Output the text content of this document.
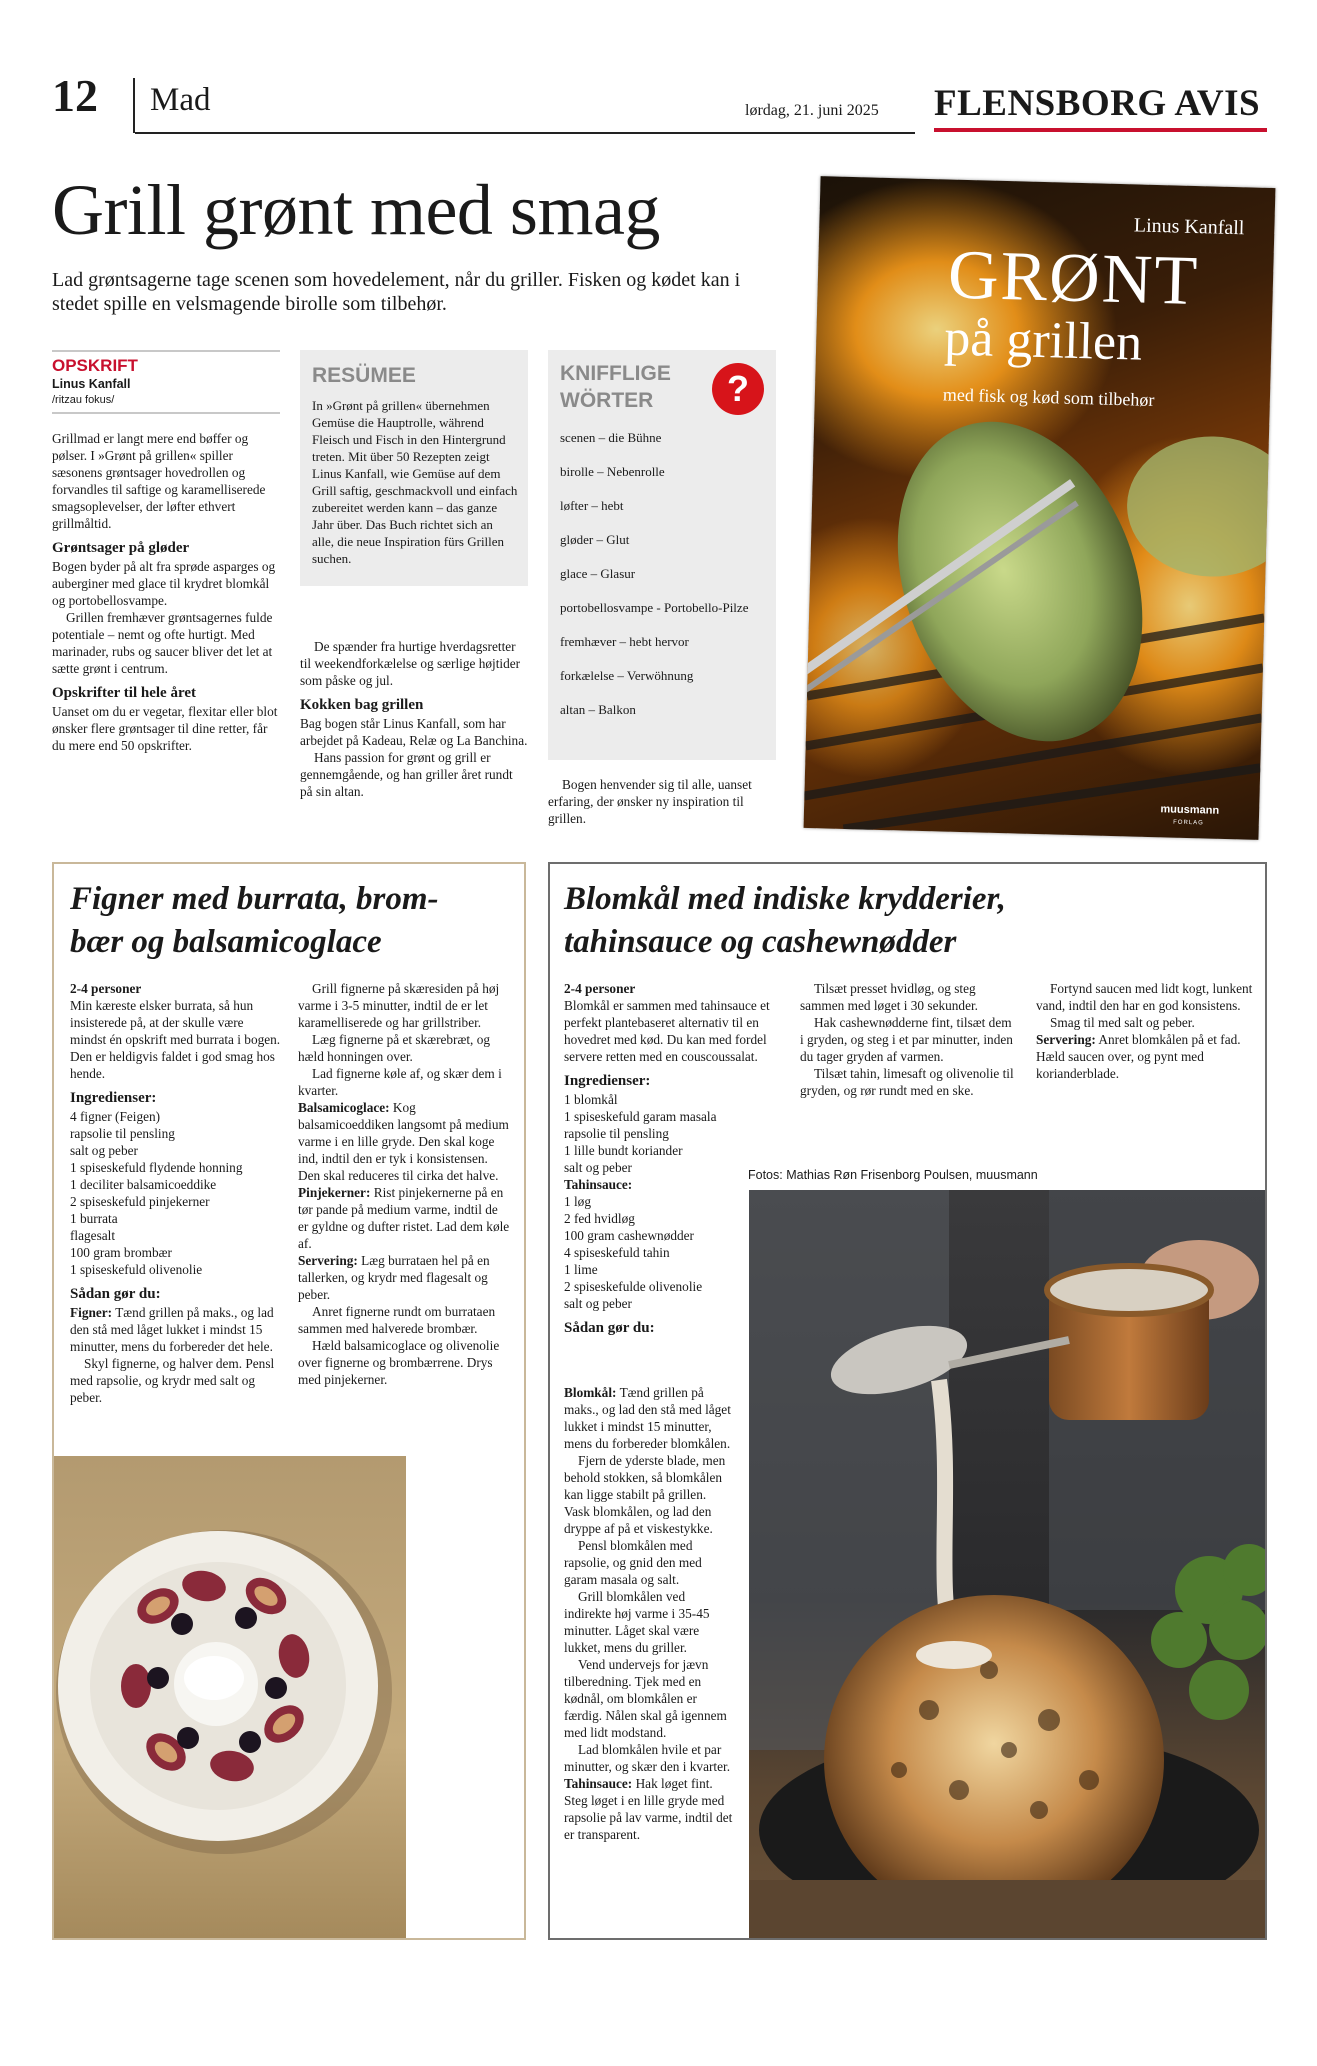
12 Mad	lørdag, 21. juni 2025 FLENSBORG AVIS
Grill grønt med smag
Lad grøntsagerne tage scenen som hovedelement, når du griller. Fisken og kødet kan i stedet spille en velsmagende birolle som tilbehør.
OPSKRIFT
Linus Kanfall
/ritzau fokus/

Grillmad er langt mere end bøffer og pølser. I »Grønt på grillen« spiller sæsonens grøntsager hovedrollen og forvandles til saftige og karamelliserede smagsoplevelser, der løfter ethvert grillmåltid.

Grøntsager på gløder

Bogen byder på alt fra sprøde asparges og auberginer med glace til krydret blomkål og portobellosvampe.

Grillen fremhæver grøntsagernes fulde potentiale – nemt og ofte hurtigt. Med marinader, rubs og saucer bliver det let at sætte grønt i centrum.

Opskrifter til hele året

Uanset om du er vegetar, flexitar eller blot ønsker flere grøntsager til dine retter, får du mere end 50 opskrifter.

RESÜMEE
In »Grønt på grillen« übernehmen Gemüse die Hauptrolle, während Fleisch und Fisch in den Hintergrund treten. Mit über 50 Rezepten zeigt Linus Kanfall, wie Gemüse auf dem Grill saftig, geschmackvoll und einfach zubereitet werden kann – das ganze Jahr über. Das Buch richtet sich an alle, die neue Inspiration fürs Grillen suchen.

De spænder fra hurtige hverdagsretter til weekendforkælelse og særlige højtider som påske og jul.

Kokken bag grillen

Bag bogen står Linus Kanfall, som har arbejdet på Kadeau, Relæ og La Banchina.

Hans passion for grønt og grill er gennemgående, og han griller året rundt på sin altan.

KNIFFLIGE
WÖRTER	?

scenen – die Bühne

birolle – Nebenrolle

løfter – hebt

gløder – Glut

glace – Glasur

portobellosvampe - Portobello-Pilze

fremhæver – hebt hervor

forkælelse – Verwöhnung

altan – Balkon

Bogen henvender sig til alle, uanset erfaring, der ønsker ny inspiration til grillen.

Linus Kanfall
GRØNT
på grillen
med fisk og kød som tilbehør
muusmann
FORLAG
Figner med burrata, brom-
bær og balsamicoglace
2-4 personer

Min kæreste elsker burrata, så hun insisterede på, at der skulle være mindst én opskrift med burrata i bogen. Den er heldigvis faldet i god smag hos hende.

Ingredienser:
4 figner (Feigen)
rapsolie til pensling
salt og peber
1 spiseskefuld flydende honning
1 deciliter balsamicoeddike
2 spiseskefuld pinjekerner
1 burrata
flagesalt
100 gram brombær
1 spiseskefuld olivenolie
Sådan gør du:

Figner: Tænd grillen på maks., og lad den stå med låget lukket i mindst 15 minutter, mens du forbereder det hele.

Skyl fignerne, og halver dem. Pensl med rapsolie, og krydr med salt og peber.

Grill fignerne på skæresiden på høj varme i 3-5 minutter, indtil de er let karamelliserede og har grillstriber.

Læg fignerne på et skærebræt, og hæld honningen over.

Lad fignerne køle af, og skær dem i kvarter.

Balsamicoglace: Kog balsamicoeddiken langsomt på medium varme i en lille gryde. Den skal koge ind, indtil den er tyk i konsistensen. Den skal reduceres til cirka det halve.

Pinjekerner: Rist pinjekernerne på en tør pande på medium varme, indtil de er gyldne og dufter ristet. Lad dem køle af.

Servering: Læg burrataen hel på en tallerken, og krydr med flagesalt og peber.

Anret fignerne rundt om burrataen sammen med halverede brombær.

Hæld balsamicoglace og olivenolie over fignerne og brombærrene. Drys med pinjekerner.

Blomkål med indiske krydderier,
tahinsauce og cashewnødder
2-4 personer

Blomkål er sammen med tahinsauce et perfekt plantebaseret alternativ til en hovedret med kød. Du kan med fordel servere retten med en couscoussalat.

Ingredienser:
1 blomkål
1 spiseskefuld garam masala
rapsolie til pensling
1 lille bundt koriander
salt og peber
Tahinsauce:
1 løg
2 fed hvidløg
100 gram cashewnødder
4 spiseskefuld tahin
1 lime
2 spiseskefulde olivenolie
salt og peber
Sådan gør du:

Blomkål: Tænd grillen på maks., og lad den stå med låget lukket i mindst 15 minutter, mens du forbereder blomkålen.

Fjern de yderste blade, men behold stokken, så blomkålen kan ligge stabilt på grillen. Vask blomkålen, og lad den dryppe af på et viskestykke.

Pensl blomkålen med rapsolie, og gnid den med garam masala og salt.

Grill blomkålen ved indirekte høj varme i 35-45 minutter. Låget skal være lukket, mens du griller.

Vend undervejs for jævn tilberedning. Tjek med en kødnål, om blomkålen er færdig. Nålen skal gå igennem med lidt modstand.

Lad blomkålen hvile et par minutter, og skær den i kvarter.

Tahinsauce: Hak løget fint. Steg løget i en lille gryde med rapsolie på lav varme, indtil det er transparent.

Tilsæt presset hvidløg, og steg sammen med løget i 30 sekunder.

Hak cashewnødderne fint, tilsæt dem i gryden, og steg i et par minutter, inden du tager gryden af varmen.

Tilsæt tahin, limesaft og olivenolie til gryden, og rør rundt med en ske.

Fortynd saucen med lidt kogt, lunkent vand, indtil den har en god konsistens.

Smag til med salt og peber.

Servering: Anret blomkålen på et fad. Hæld saucen over, og pynt med korianderblade.

Fotos: Mathias Røn Frisenborg Poulsen, muusmann
